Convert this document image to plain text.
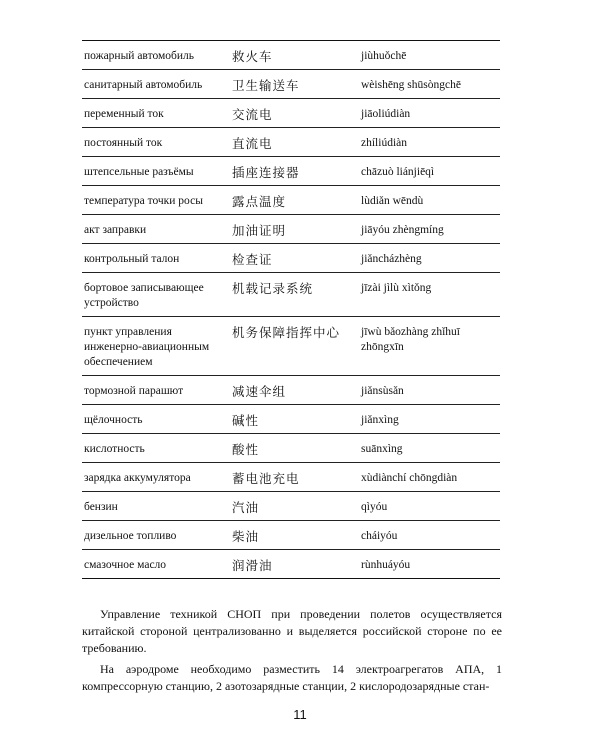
пожарный автомобиль	救火车	jiùhuǒchē
санитарный автомобиль	卫生输送车	wèishēng shūsòngchē
переменный ток	交流电	jiāoliúdiàn
постоянный ток	直流电	zhíliúdiàn
штепсельные разъёмы	插座连接器	chāzuò liánjiēqì
температура точки росы	露点温度	lùdiǎn wēndù
акт заправки	加油证明	jiāyóu zhèngmíng
контрольный талон	检查证	jiǎncházhèng
бортовое записывающее устройство	机载记录系统	jīzài jìlù xìtǒng
пункт управления инженерно-авиационным обеспечением	机务保障指挥中心	jīwù bǎozhàng zhǐhuī zhōngxīn
тормозной парашют	减速伞组	jiǎnsùsǎn
щёлочность	碱性	jiǎnxìng
кислотность	酸性	suānxìng
зарядка аккумулятора	蓄电池充电	xùdiànchí chōngdiàn
бензин	汽油	qìyóu
дизельное топливо	柴油	cháiyóu
смазочное масло	润滑油	rùnhuáyóu

Управление техникой СНОП при проведении полетов осуществляется китайской стороной централизованно и выделяется российской стороне по ее требованию.

На аэродроме необходимо разместить 14 электроагрегатов АПА, 1 компрессорную станцию, 2 азотозарядные станции, 2 кислородозарядные стан-

11
